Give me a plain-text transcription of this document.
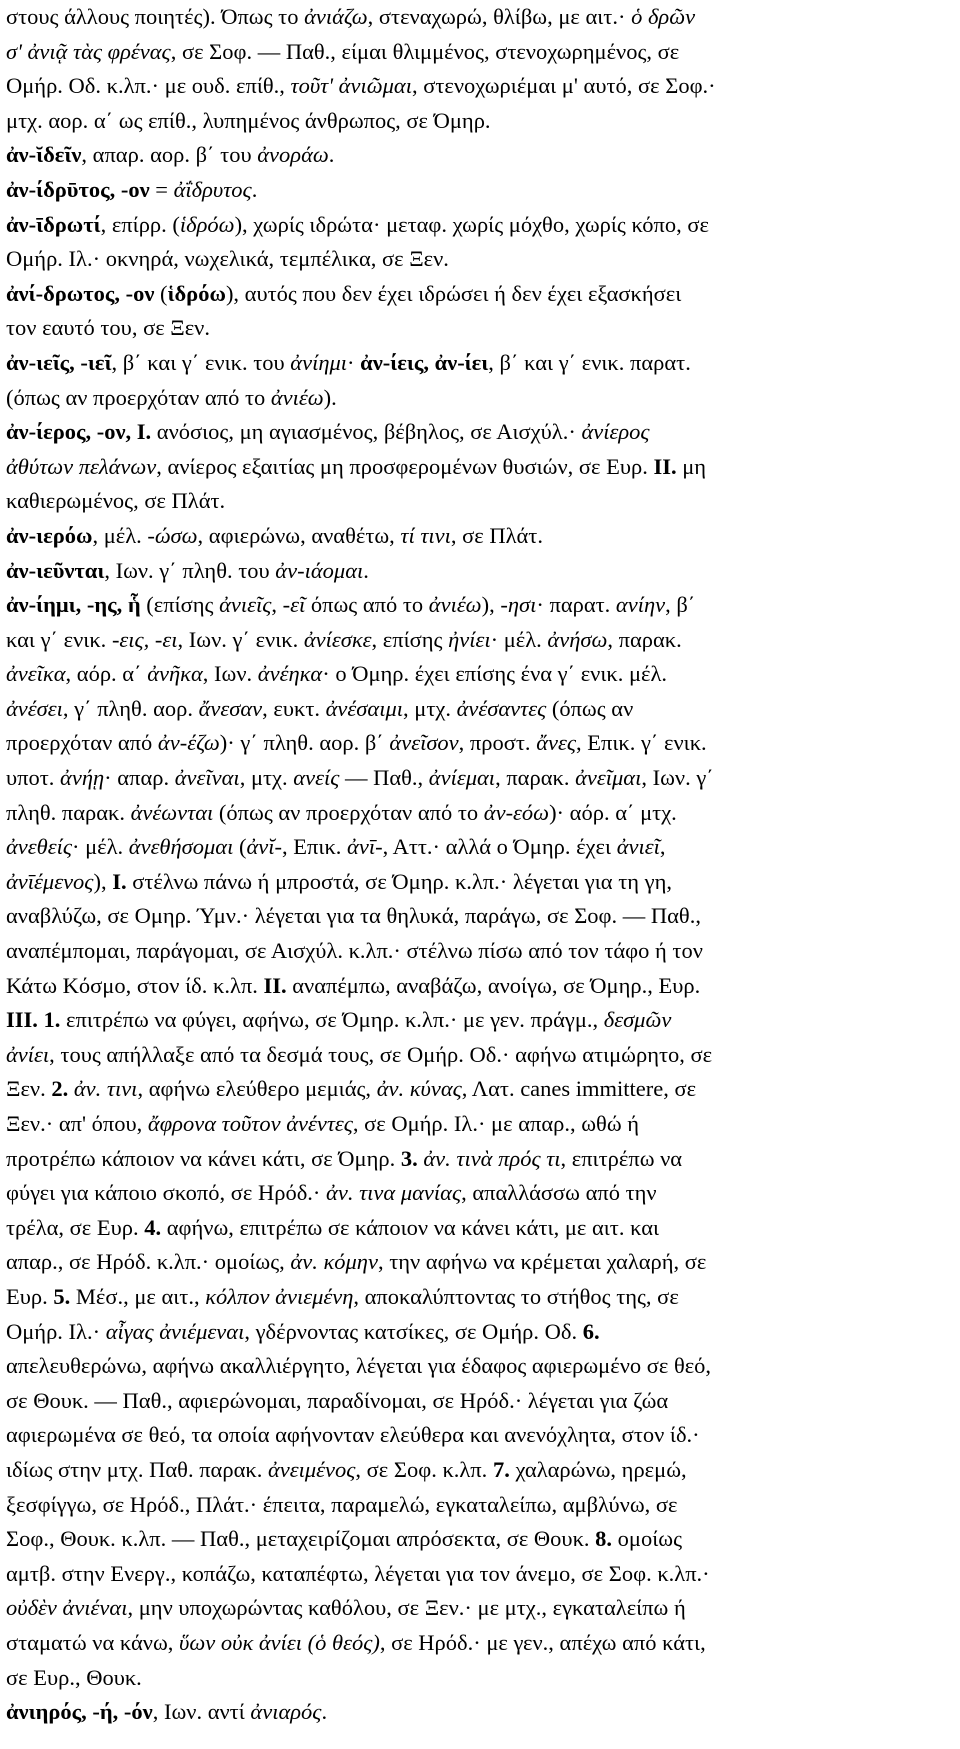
στους άλλους ποιητές). Όπως το ἀνιάζω, στεναχωρώ, θλίβω, με αιτ.· ὁ δρῶν
σ' ἀνιᾷ τὰς φρένας, σε Σοφ. — Παθ., είμαι θλιμμένος, στενοχωρημένος, σε
Ομήρ. Οδ. κ.λπ.· με ουδ. επίθ., τοῦτ' ἀνιῶμαι, στενοχωριέμαι μ' αυτό, σε Σοφ.·
μτχ. αορ. α΄ ως επίθ., λυπημένος άνθρωπος, σε Όμηρ.
ἀν-ῐδεῖν, απαρ. αορ. β΄ του ἀνοράω.
ἀν-ίδρῡτος, -ον = ἀΐδρυτος.
ἀν-ῑδρωτί, επίρρ. (ἱδρόω), χωρίς ιδρώτα· μεταφ. χωρίς μόχθο, χωρίς κόπο, σε
Ομήρ. Ιλ.· οκνηρά, νωχελικά, τεμπέλικα, σε Ξεν.
ἀνί-δρωτος, -ον (ἱδρόω), αυτός που δεν έχει ιδρώσει ή δεν έχει εξασκήσει
τον εαυτό του, σε Ξεν.
ἀν-ιεῖς, -ιεῖ, β΄ και γ΄ ενικ. του ἀνίημι· ἀν-ίεις, ἀν-ίει, β΄ και γ΄ ενικ. παρατ.
(όπως αν προερχόταν από το ἀνιέω).
ἀν-ίερος, -ον, I. ανόσιος, μη αγιασμένος, βέβηλος, σε Αισχύλ.· ἀνίερος
ἀθύτων πελάνων, ανίερος εξαιτίας μη προσφερομένων θυσιών, σε Ευρ. II. μη
καθιερωμένος, σε Πλάτ.
ἀν-ιερόω, μέλ. -ώσω, αφιερώνω, αναθέτω, τί τινι, σε Πλάτ.
ἀν-ιεῦνται, Ιων. γ΄ πληθ. του ἀν-ιάομαι.
ἀν-ίημι, -ης, ἧ (επίσης ἀνιεῖς, -εῖ όπως από το ἀνιέω), -ησι· παρατ. ανίην, β΄
και γ΄ ενικ. -εις, -ει, Ιων. γ΄ ενικ. ἀνίεσκε, επίσης ἠνίει· μέλ. ἀνήσω, παρακ.
ἀνεῖκα, αόρ. α΄ ἀνῆκα, Ιων. ἀνέηκα· ο Όμηρ. έχει επίσης ένα γ΄ ενικ. μέλ.
ἀνέσει, γ΄ πληθ. αορ. ἄνεσαν, ευκτ. ἀνέσαιμι, μτχ. ἀνέσαντες (όπως αν
προερχόταν από ἀν-έζω)· γ΄ πληθ. αορ. β΄ ἀνεῖσον, προστ. ἄνες, Επικ. γ΄ ενικ.
υποτ. ἀνήῃ· απαρ. ἀνεῖναι, μτχ. ανείς — Παθ., ἀνίεμαι, παρακ. ἀνεῖμαι, Ιων. γ΄
πληθ. παρακ. ἀνέωνται (όπως αν προερχόταν από το ἀν-εόω)· αόρ. α΄ μτχ.
ἀνεθείς· μέλ. ἀνεθήσομαι (ἀνῐ-, Επικ. ἀνῑ-, Αττ.· αλλά ο Όμηρ. έχει ἀνιεῖ,
ἀνῑέμενος), I. στέλνω πάνω ή μπροστά, σε Όμηρ. κ.λπ.· λέγεται για τη γη,
αναβλύζω, σε Ομηρ. Ύμν.· λέγεται για τα θηλυκά, παράγω, σε Σοφ. — Παθ.,
αναπέμπομαι, παράγομαι, σε Αισχύλ. κ.λπ.· στέλνω πίσω από τον τάφο ή τον
Κάτω Κόσμο, στον ίδ. κ.λπ. II. αναπέμπω, αναβάζω, ανοίγω, σε Όμηρ., Ευρ.
III. 1. επιτρέπω να φύγει, αφήνω, σε Όμηρ. κ.λπ.· με γεν. πράγμ., δεσμῶν
ἀνίει, τους απήλλαξε από τα δεσμά τους, σε Ομήρ. Οδ.· αφήνω ατιμώρητο, σε
Ξεν. 2. ἀν. τινι, αφήνω ελεύθερο μεμιάς, ἀν. κύνας, Λατ. canes immittere, σε
Ξεν.· απ' όπου, ἄφρονα τοῦτον ἀνέντες, σε Ομήρ. Ιλ.· με απαρ., ωθώ ή
προτρέπω κάποιον να κάνει κάτι, σε Όμηρ. 3. ἀν. τινὰ πρός τι, επιτρέπω να
φύγει για κάποιο σκοπό, σε Ηρόδ.· ἀν. τινα μανίας, απαλλάσσω από την
τρέλα, σε Ευρ. 4. αφήνω, επιτρέπω σε κάποιον να κάνει κάτι, με αιτ. και
απαρ., σε Ηρόδ. κ.λπ.· ομοίως, ἀν. κόμην, την αφήνω να κρέμεται χαλαρή, σε
Ευρ. 5. Μέσ., με αιτ., κόλπον ἀνιεμένη, αποκαλύπτοντας το στήθος της, σε
Ομήρ. Ιλ.· αἶγας ἀνιέμεναι, γδέρνοντας κατσίκες, σε Ομήρ. Οδ. 6.
απελευθερώνω, αφήνω ακαλλιέργητο, λέγεται για έδαφος αφιερωμένο σε θεό,
σε Θουκ. — Παθ., αφιερώνομαι, παραδίνομαι, σε Ηρόδ.· λέγεται για ζώα
αφιερωμένα σε θεό, τα οποία αφήνονταν ελεύθερα και ανενόχλητα, στον ίδ.·
ιδίως στην μτχ. Παθ. παρακ. ἀνειμένος, σε Σοφ. κ.λπ. 7. χαλαρώνω, ηρεμώ,
ξεσφίγγω, σε Ηρόδ., Πλάτ.· έπειτα, παραμελώ, εγκαταλείπω, αμβλύνω, σε
Σοφ., Θουκ. κ.λπ. — Παθ., μεταχειρίζομαι απρόσεκτα, σε Θουκ. 8. ομοίως
αμτβ. στην Ενεργ., κοπάζω, καταπέφτω, λέγεται για τον άνεμο, σε Σοφ. κ.λπ.·
οὐδὲν ἀνιέναι, μην υποχωρώντας καθόλου, σε Ξεν.· με μτχ., εγκαταλείπω ή
σταματώ να κάνω, ὕων οὐκ ἀνίει (ὁ θεός), σε Ηρόδ.· με γεν., απέχω από κάτι,
σε Ευρ., Θουκ.
ἀνιηρός, -ή, -όν, Ιων. αντί ἀνιαρός.
